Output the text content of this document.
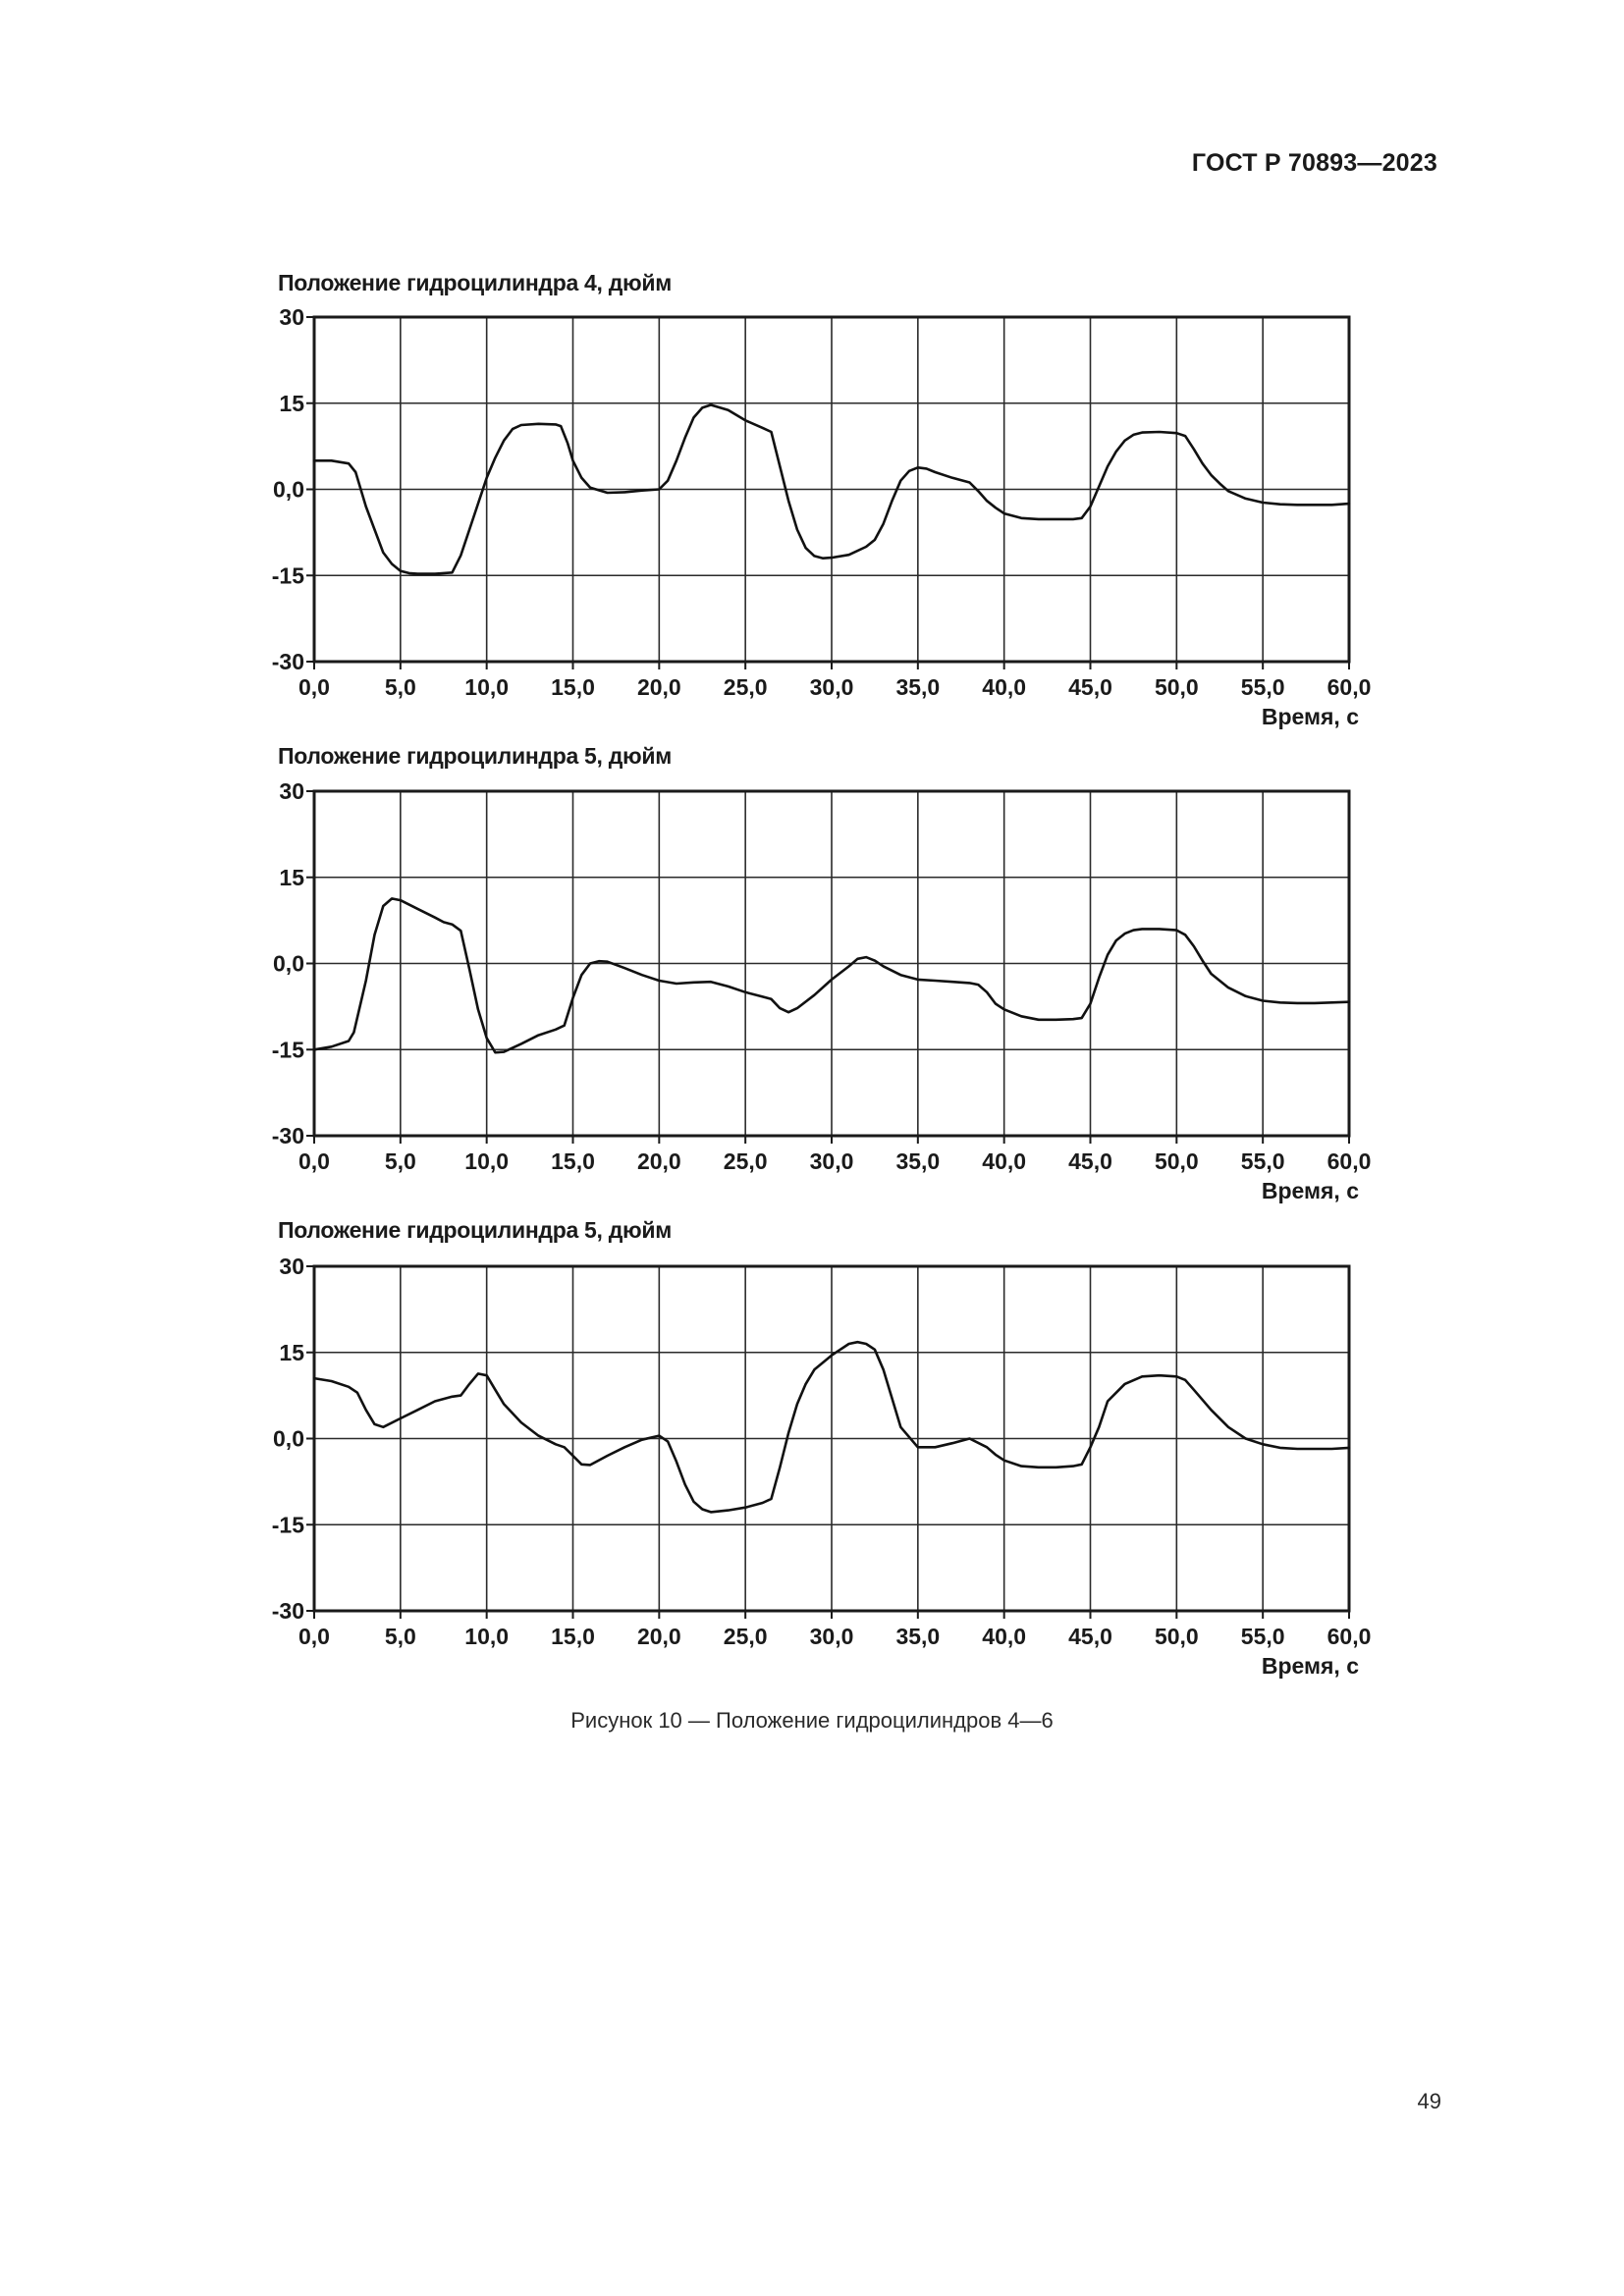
ГОСТ Р 70893—2023
Положение гидроцилиндра 4, дюйм
0,0 5,0 10,0 15,0 20,0 25,0 30,0 35,0 40,0 45,0 50,0 55,0 60,0
30
15
0,0
-15
-30
Время, с
Положение гидроцилиндра 5, дюйм
0,0 5,0 10,0 15,0 20,0 25,0 30,0 35,0 40,0 45,0 50,0 55,0 60,0
30
15
0,0
-15
-30
Время, с
Положение гидроцилиндра 5, дюйм
0,0 5,0 10,0 15,0 20,0 25,0 30,0 35,0 40,0 45,0 50,0 55,0 60,0
30
15
0,0
-15
-30
Время, с
Рисунок 10 — Положение гидроцилиндров 4—6
49
